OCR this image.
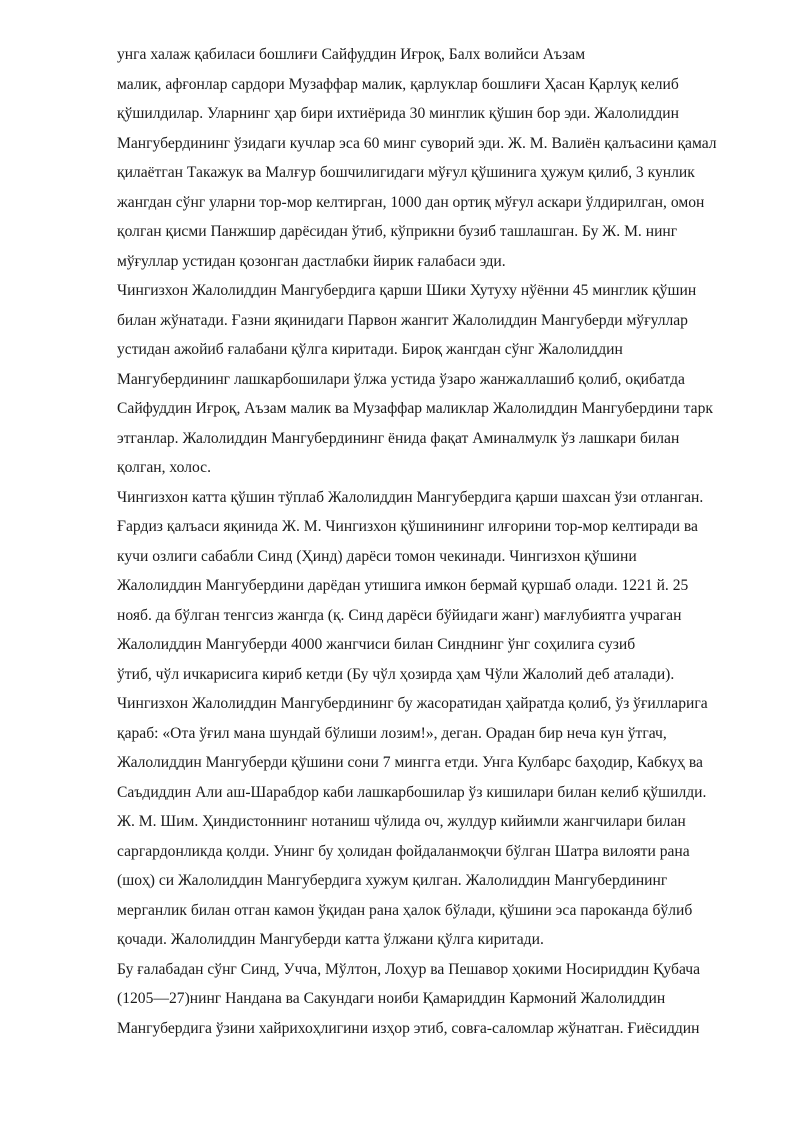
унга халаж қабиласи бошлиғи Сайфуддин Иғроқ, Балх волийси Аъзам
малик, афғонлар сардори Музаффар малик, қарлуклар бошлиғи Ҳасан Қарлуқ келиб
қўшилдилар. Уларнинг ҳар бири ихтиёрида 30 минглик қўшин бор эди. Жалолиддин
Мангубердининг ўзидаги кучлар эса 60 минг суворий эди. Ж. М. Валиён қалъасини қамал
қилаётган Такажук ва Малғур бошчилигидаги мўғул қўшинига ҳужум қилиб, 3 кунлик
жангдан сўнг уларни тор-мор келтирган, 1000 дан ортиқ мўғул аскари ўлдирилган, омон
қолган қисми Панжшир дарёсидан ўтиб, кўприкни бузиб ташлашган. Бу Ж. М. нинг
мўғуллар устидан қозонган дастлабки йирик ғалабаси эди.
Чингизхон Жалолиддин Мангубердига қарши Шики Хутуху нўённи 45 минглик қўшин
билан жўнатади. Ғазни яқинидаги Парвон жангит Жалолиддин Мангуберди мўғуллар
устидан ажойиб ғалабани қўлга киритади. Бироқ жангдан сўнг Жалолиддин
Мангубердининг лашкарбошилари ўлжа устида ўзаро жанжаллашиб қолиб, оқибатда
Сайфуддин Иғроқ, Аъзам малик ва Музаффар маликлар Жалолиддин Мангубердини тарк
этганлар. Жалолиддин Мангубердининг ёнида фақат Аминалмулк ўз лашкари билан
қолган, холос.
Чингизхон катта қўшин тўплаб Жалолиддин Мангубердига қарши шахсан ўзи отланган.
Ғардиз қалъаси яқинида Ж. М. Чингизхон қўшинининг илғорини тор-мор келтиради ва
кучи озлиги сабабли Синд (Ҳинд) дарёси томон чекинади. Чингизхон қўшини
Жалолиддин Мангубердини дарёдан утишига имкон бермай қуршаб олади. 1221 й. 25
нояб. да бўлган тенгсиз жангда (қ. Синд дарёси бўйидаги жанг) мағлубиятга учраган
Жалолиддин Мангуберди 4000 жангчиси билан Синднинг ўнг соҳилига сузиб
ўтиб, чўл ичкарисига кириб кетди (Бу чўл ҳозирда ҳам Чўли Жалолий деб аталади).
Чингизхон Жалолиддин Мангубердининг бу жасоратидан ҳайратда қолиб, ўз ўғилларига
қараб: «Ота ўғил мана шундай бўлиши лозим!», деган. Орадан бир неча кун ўтгач,
Жалолиддин Мангуберди қўшини сони 7 мингга етди. Унга Кулбарс баҳодир, Кабкуҳ ва
Саъдиддин Али аш-Шарабдор каби лашкарбошилар ўз кишилари билан келиб қўшилди.
Ж. М. Шим. Ҳиндистоннинг нотаниш чўлида оч, жулдур кийимли жангчилари билан
саргардонликда қолди. Унинг бу ҳолидан фойдаланмоқчи бўлган Шатра вилояти рана
(шоҳ) си Жалолиддин Мангубердига хужум қилган. Жалолиддин Мангубердининг
мерганлик билан отган камон ўқидан рана ҳалок бўлади, қўшини эса пароканда бўлиб
қочади. Жалолиддин Мангуберди катта ўлжани қўлга киритади.
Бу ғалабадан сўнг Синд, Учча, Мўлтон, Лоҳур ва Пешавор ҳокими Носириддин Қубача
(1205—27)нинг Нандана ва Сакундаги ноиби Қамариддин Кармоний Жалолиддин
Мангубердига ўзини хайрихоҳлигини изҳор этиб, совға-саломлар жўнатган. Ғиёсиддин
